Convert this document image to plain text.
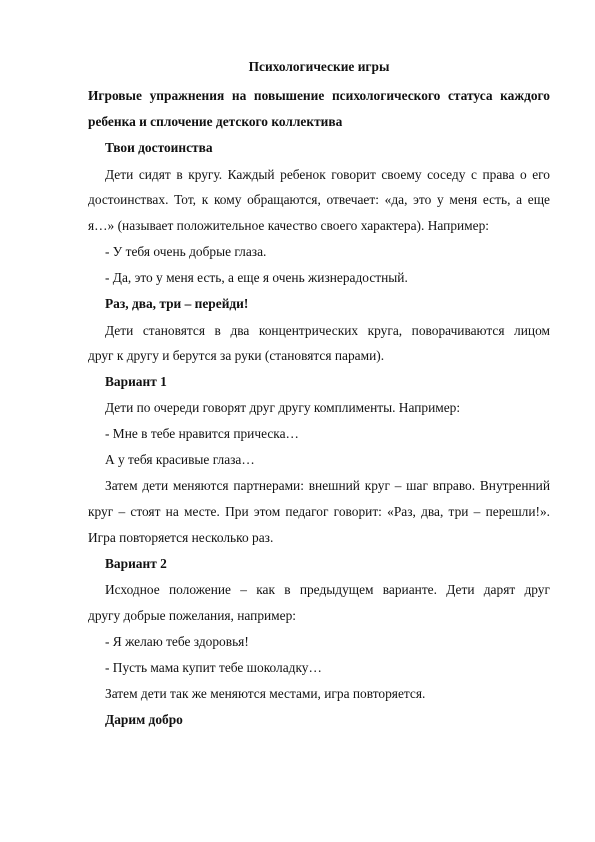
Психологические игры
Игровые упражнения на повышение психологического статуса каждого
ребенка и сплочение детского коллектива
Твои достоинства
Дети сидят в кругу. Каждый ребенок говорит своему соседу с права о его
достоинствах. Тот, к кому обращаются, отвечает: «да, это у меня есть, а еще
я…» (называет положительное качество своего характера). Например:
- У тебя очень добрые глаза.
- Да, это у меня есть, а еще я очень жизнерадостный.
Раз, два, три – перейди!
Дети становятся в два концентрических круга, поворачиваются лицом
друг к другу и берутся за руки (становятся парами).
Вариант 1
Дети по очереди говорят друг другу комплименты. Например:
- Мне в тебе нравится прическа…
А у тебя красивые глаза…
Затем дети меняются партнерами: внешний круг – шаг вправо. Внутренний
круг – стоят на месте. При этом педагог говорит: «Раз, два, три – перешли!».
Игра повторяется несколько раз.
Вариант 2
Исходное положение – как в предыдущем варианте. Дети дарят друг
другу добрые пожелания, например:
- Я желаю тебе здоровья!
- Пусть мама купит тебе шоколадку…
Затем дети так же меняются местами, игра повторяется.
Дарим добро
